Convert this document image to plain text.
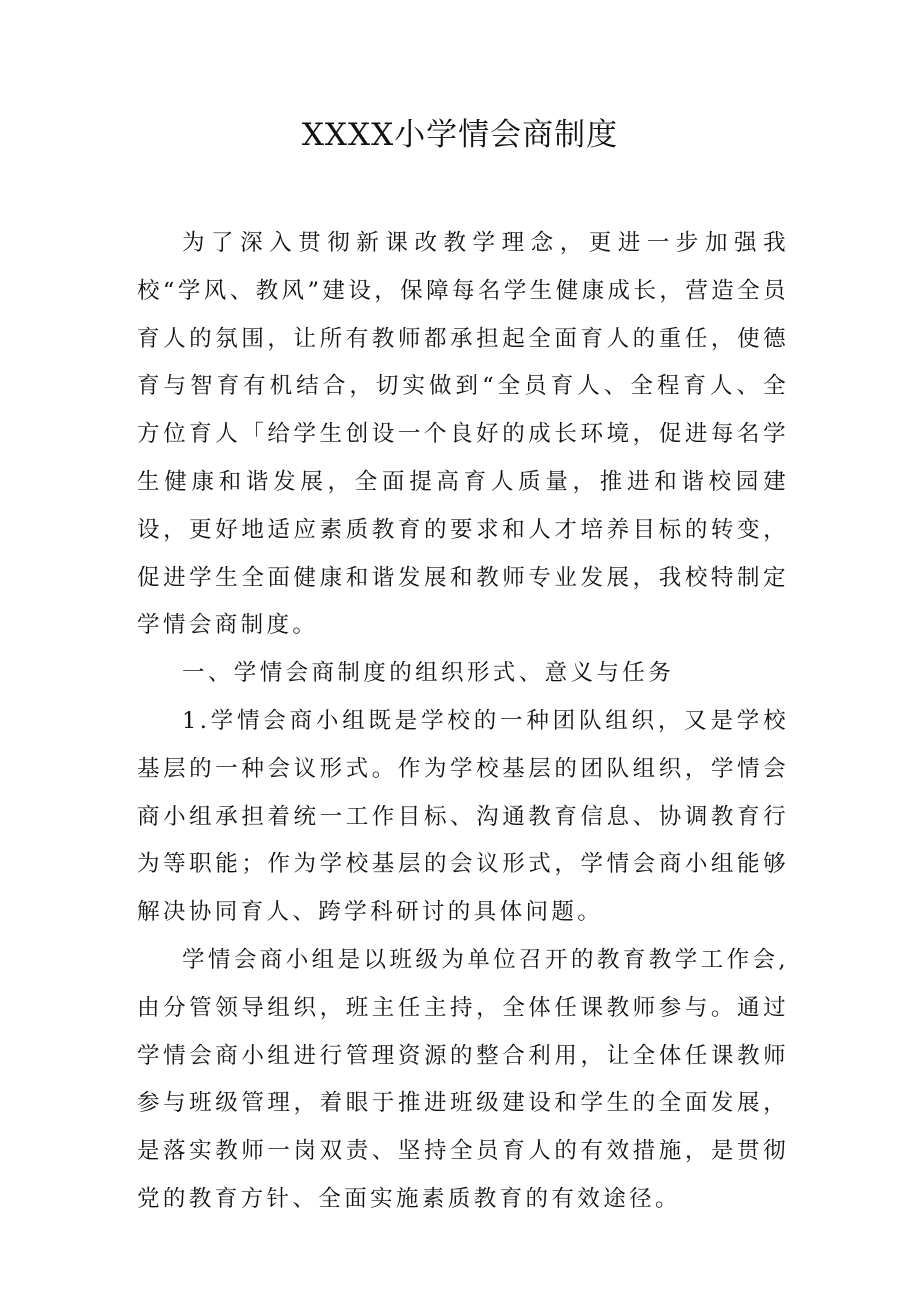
XXXX小学情会商制度

为了深入贯彻新课改教学理念，更进一步加强我校“学风、教风”建设，保障每名学生健康成长，营造全员育人的氛围，让所有教师都承担起全面育人的重任，使德育与智育有机结合，切实做到“全员育人、全程育人、全方位育人「给学生创设一个良好的成长环境，促进每名学生健康和谐发展，全面提高育人质量，推进和谐校园建设，更好地适应素质教育的要求和人才培养目标的转变，促进学生全面健康和谐发展和教师专业发展，我校特制定学情会商制度。

一、学情会商制度的组织形式、意义与任务

1.学情会商小组既是学校的一种团队组织，又是学校基层的一种会议形式。作为学校基层的团队组织，学情会商小组承担着统一工作目标、沟通教育信息、协调教育行为等职能；作为学校基层的会议形式，学情会商小组能够解决协同育人、跨学科研讨的具体问题。

学情会商小组是以班级为单位召开的教育教学工作会,由分管领导组织，班主任主持，全体任课教师参与。通过学情会商小组进行管理资源的整合利用，让全体任课教师参与班级管理，着眼于推进班级建设和学生的全面发展，是落实教师一岗双责、坚持全员育人的有效措施，是贯彻党的教育方针、全面实施素质教育的有效途径。
